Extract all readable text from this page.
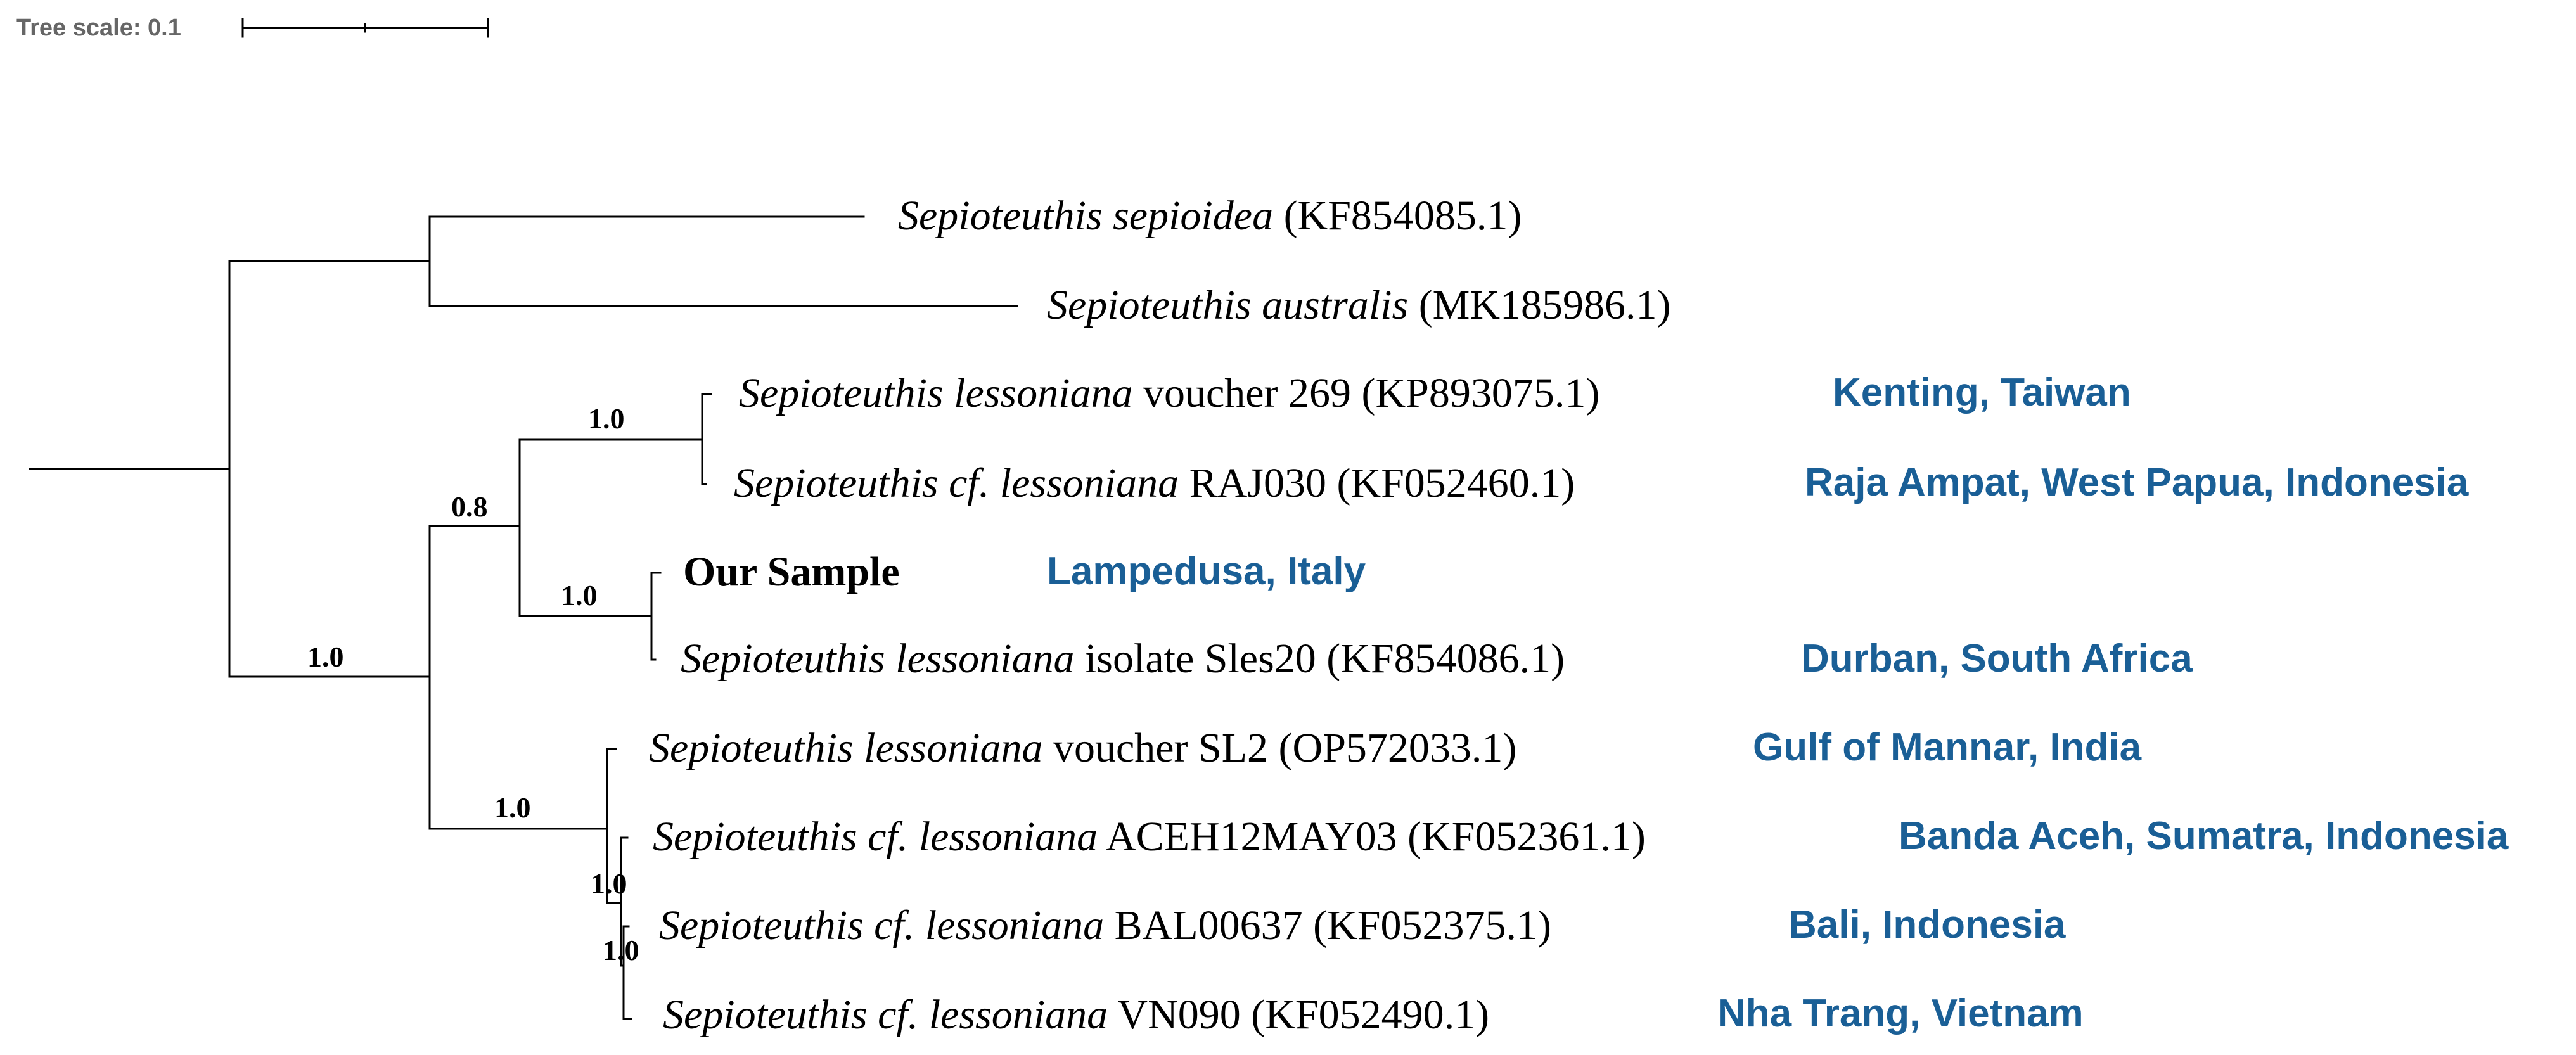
Tree scale: 0.1
1.0
0.8
1.0
1.0
1.0
1.0
1.0
Sepioteuthis sepioidea (KF854085.1)
Sepioteuthis australis (MK185986.1)
Sepioteuthis lessoniana voucher 269 (KP893075.1)
Sepioteuthis cf. lessoniana RAJ030 (KF052460.1)
Our Sample
Sepioteuthis lessoniana isolate Sles20 (KF854086.1)
Sepioteuthis lessoniana voucher SL2 (OP572033.1)
Sepioteuthis cf. lessoniana ACEH12MAY03 (KF052361.1)
Sepioteuthis cf. lessoniana BAL00637 (KF052375.1)
Sepioteuthis cf. lessoniana VN090 (KF052490.1)
Kenting, Taiwan
Raja Ampat, West Papua, Indonesia
Lampedusa, Italy
Durban, South Africa
Gulf of Mannar, India
Banda Aceh, Sumatra, Indonesia
Bali, Indonesia
Nha Trang, Vietnam
